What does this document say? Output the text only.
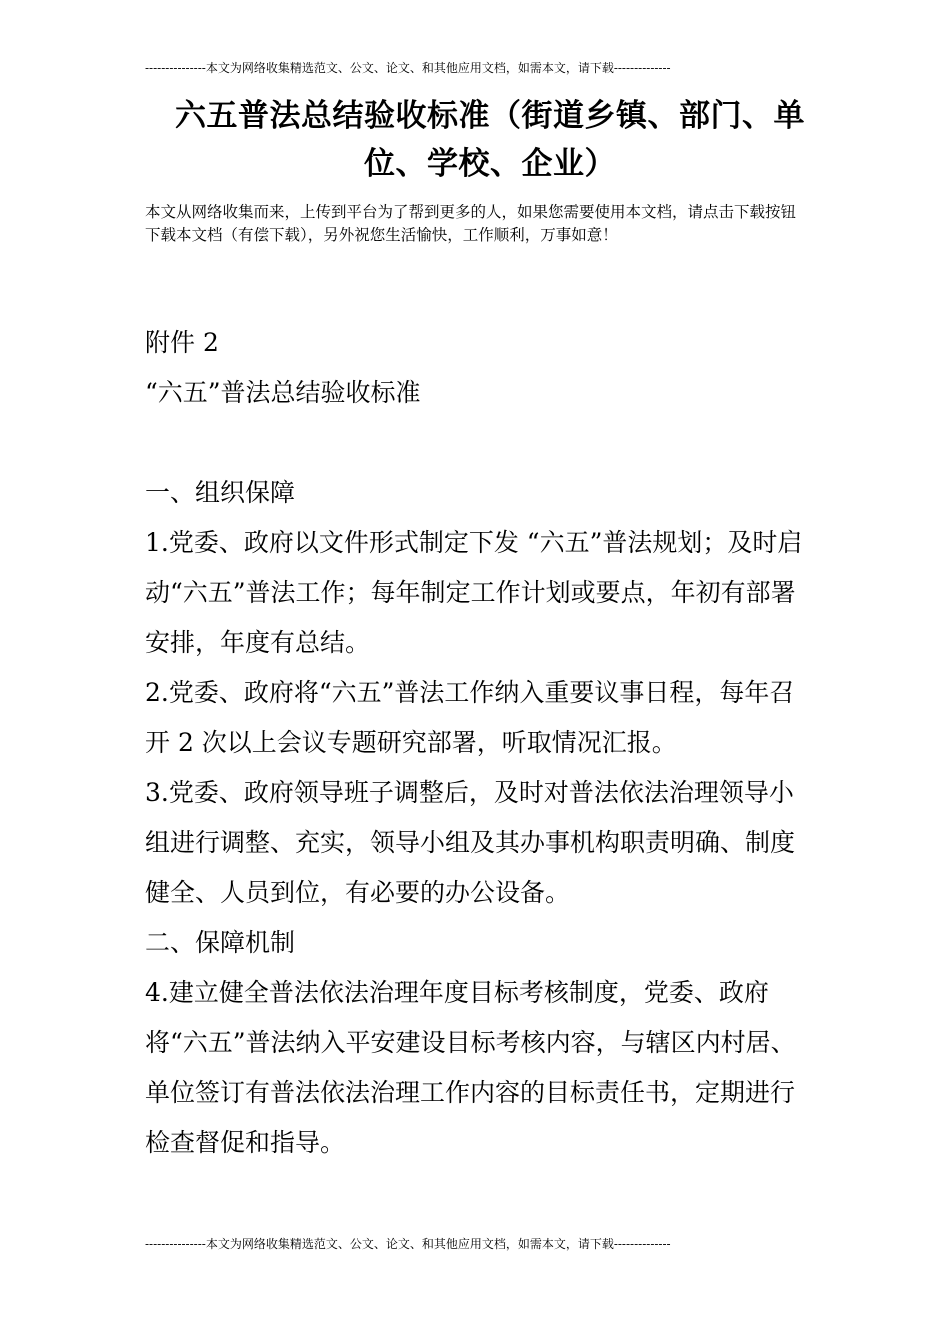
---------------本文为网络收集精选范文、公文、论文、和其他应用文档，如需本文，请下载--------------
六五普法总结验收标准（街道乡镇、部门、单位、学校、企业）
本文从网络收集而来，上传到平台为了帮到更多的人，如果您需要使用本文档，请点击下载按钮下载本文档（有偿下载），另外祝您生活愉快，工作顺利，万事如意！
附件 2
“六五”普法总结验收标准
一、组织保障
1.党委、政府以文件形式制定下发 “六五”普法规划；及时启动“六五”普法工作；每年制定工作计划或要点，年初有部署安排，年度有总结。
2.党委、政府将“六五”普法工作纳入重要议事日程，每年召开 2 次以上会议专题研究部署，听取情况汇报。
3.党委、政府领导班子调整后，及时对普法依法治理领导小组进行调整、充实，领导小组及其办事机构职责明确、制度健全、人员到位，有必要的办公设备。
二、保障机制
4.建立健全普法依法治理年度目标考核制度，党委、政府将“六五”普法纳入平安建设目标考核内容，与辖区内村居、单位签订有普法依法治理工作内容的目标责任书，定期进行检查督促和指导。
---------------本文为网络收集精选范文、公文、论文、和其他应用文档，如需本文，请下载--------------
